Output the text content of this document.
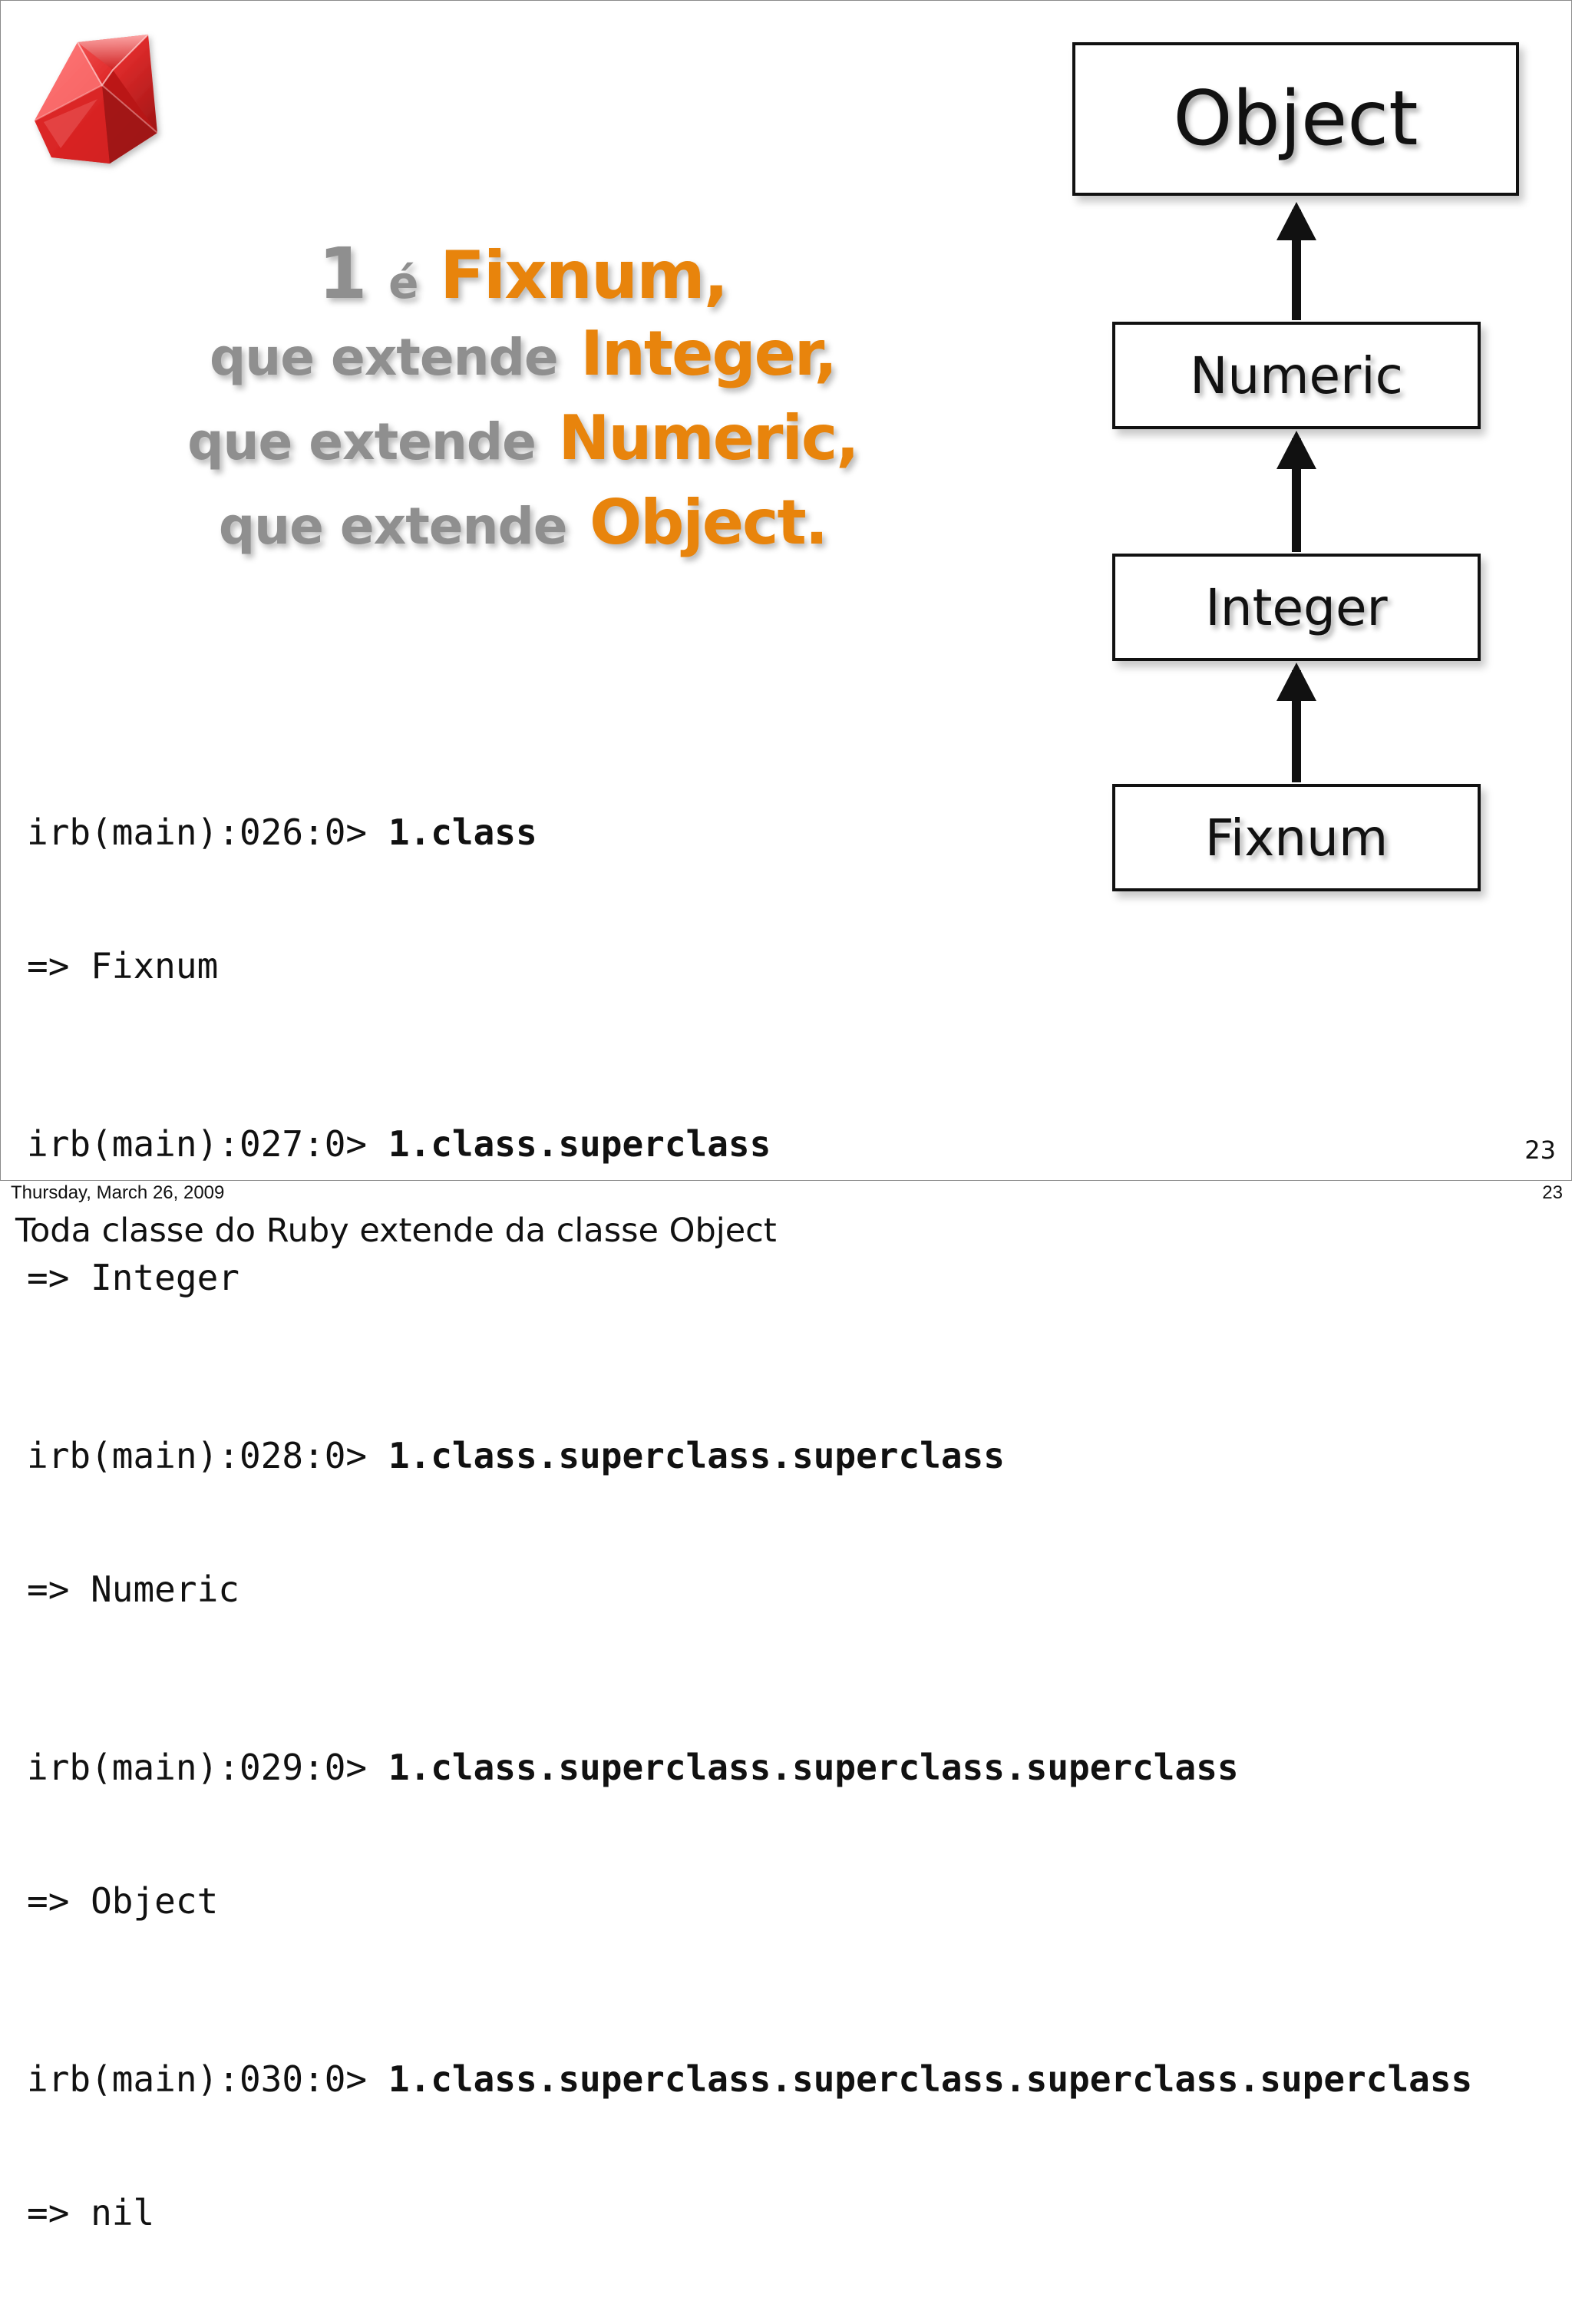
1 é Fixnum,
que extende Integer,
que extende Numeric,
que extende Object.
Object
Numeric
Integer
Fixnum

irb(main):026:0> 1.class

=> Fixnum

irb(main):027:0> 1.class.superclass

=> Integer

irb(main):028:0> 1.class.superclass.superclass

=> Numeric

irb(main):029:0> 1.class.superclass.superclass.superclass

=> Object

irb(main):030:0> 1.class.superclass.superclass.superclass.superclass

=> nil

23
Thursday, March 26, 2009	23
Toda classe do Ruby extende da classe Object
